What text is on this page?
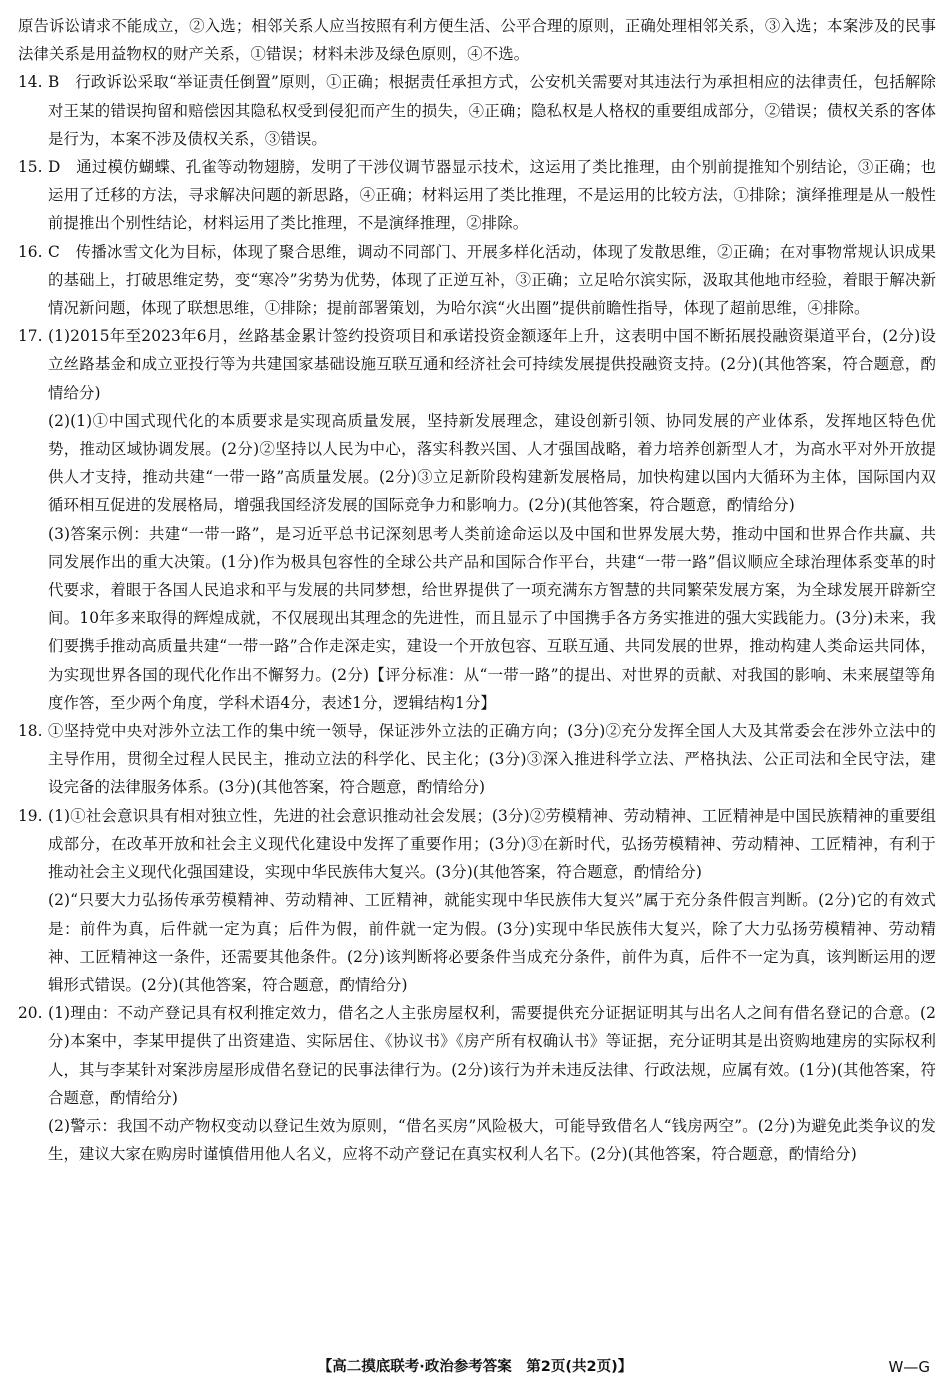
原告诉讼请求不能成立，②入选；相邻关系人应当按照有利方便生活、公平合理的原则，正确处理相邻关系，③入选；本案涉及的民事法律关系是用益物权的财产关系，①错误；材料未涉及绿色原则，④不选。

14. B　行政诉讼采取“举证责任倒置”原则，①正确；根据责任承担方式，公安机关需要对其违法行为承担相应的法律责任，包括解除对王某的错误拘留和赔偿因其隐私权受到侵犯而产生的损失，④正确；隐私权是人格权的重要组成部分，②错误；债权关系的客体是行为，本案不涉及债权关系，③错误。

15. D　通过模仿蝴蝶、孔雀等动物翅膀，发明了干涉仪调节器显示技术，这运用了类比推理，由个别前提推知个别结论，③正确；也运用了迁移的方法，寻求解决问题的新思路，④正确；材料运用了类比推理，不是运用的比较方法，①排除；演绎推理是从一般性前提推出个别性结论，材料运用了类比推理，不是演绎推理，②排除。

16. C　传播冰雪文化为目标，体现了聚合思维，调动不同部门、开展多样化活动，体现了发散思维，②正确；在对事物常规认识成果的基础上，打破思维定势，变“寒冷”劣势为优势，体现了正逆互补，③正确；立足哈尔滨实际，汲取其他地市经验，着眼于解决新情况新问题，体现了联想思维，①排除；提前部署策划，为哈尔滨“火出圈”提供前瞻性指导，体现了超前思维，④排除。

17. (1)2015年至2023年6月，丝路基金累计签约投资项目和承诺投资金额逐年上升，这表明中国不断拓展投融资渠道平台，(2分)设立丝路基金和成立亚投行等为共建国家基础设施互联互通和经济社会可持续发展提供投融资支持。(2分)(其他答案，符合题意，酌情给分)

(2)(1)①中国式现代化的本质要求是实现高质量发展，坚持新发展理念，建设创新引领、协同发展的产业体系，发挥地区特色优势，推动区域协调发展。(2分)②坚持以人民为中心，落实科教兴国、人才强国战略，着力培养创新型人才，为高水平对外开放提供人才支持，推动共建“一带一路”高质量发展。(2分)③立足新阶段构建新发展格局，加快构建以国内大循环为主体，国际国内双循环相互促进的发展格局，增强我国经济发展的国际竞争力和影响力。(2分)(其他答案，符合题意，酌情给分)

(3)答案示例：共建“一带一路”，是习近平总书记深刻思考人类前途命运以及中国和世界发展大势，推动中国和世界合作共赢、共同发展作出的重大决策。(1分)作为极具包容性的全球公共产品和国际合作平台，共建“一带一路”倡议顺应全球治理体系变革的时代要求，着眼于各国人民追求和平与发展的共同梦想，给世界提供了一项充满东方智慧的共同繁荣发展方案，为全球发展开辟新空间。10年多来取得的辉煌成就，不仅展现出其理念的先进性，而且显示了中国携手各方务实推进的强大实践能力。(3分)未来，我们要携手推动高质量共建“一带一路”合作走深走实，建设一个开放包容、互联互通、共同发展的世界，推动构建人类命运共同体，为实现世界各国的现代化作出不懈努力。(2分)【评分标准：从“一带一路”的提出、对世界的贡献、对我国的影响、未来展望等角度作答，至少两个角度，学科术语4分，表述1分，逻辑结构1分】

18. ①坚持党中央对涉外立法工作的集中统一领导，保证涉外立法的正确方向；(3分)②充分发挥全国人大及其常委会在涉外立法中的主导作用，贯彻全过程人民民主，推动立法的科学化、民主化；(3分)③深入推进科学立法、严格执法、公正司法和全民守法，建设完备的法律服务体系。(3分)(其他答案，符合题意，酌情给分)

19. (1)①社会意识具有相对独立性，先进的社会意识推动社会发展；(3分)②劳模精神、劳动精神、工匠精神是中国民族精神的重要组成部分，在改革开放和社会主义现代化建设中发挥了重要作用；(3分)③在新时代，弘扬劳模精神、劳动精神、工匠精神，有利于推动社会主义现代化强国建设，实现中华民族伟大复兴。(3分)(其他答案，符合题意，酌情给分)

(2)“只要大力弘扬传承劳模精神、劳动精神、工匠精神，就能实现中华民族伟大复兴”属于充分条件假言判断。(2分)它的有效式是：前件为真，后件就一定为真；后件为假，前件就一定为假。(3分)实现中华民族伟大复兴，除了大力弘扬劳模精神、劳动精神、工匠精神这一条件，还需要其他条件。(2分)该判断将必要条件当成充分条件，前件为真，后件不一定为真，该判断运用的逻辑形式错误。(2分)(其他答案，符合题意，酌情给分)

20. (1)理由：不动产登记具有权利推定效力，借名之人主张房屋权利，需要提供充分证据证明其与出名人之间有借名登记的合意。(2分)本案中，李某甲提供了出资建造、实际居住、《协议书》《房产所有权确认书》等证据，充分证明其是出资购地建房的实际权利人，其与李某针对案涉房屋形成借名登记的民事法律行为。(2分)该行为并未违反法律、行政法规，应属有效。(1分)(其他答案，符合题意，酌情给分)

(2)警示：我国不动产物权变动以登记生效为原则，“借名买房”风险极大，可能导致借名人“钱房两空”。(2分)为避免此类争议的发生，建议大家在购房时谨慎借用他人名义，应将不动产登记在真实权利人名下。(2分)(其他答案，符合题意，酌情给分)

【高二摸底联考·政治参考答案　第2页(共2页)】	W—G
